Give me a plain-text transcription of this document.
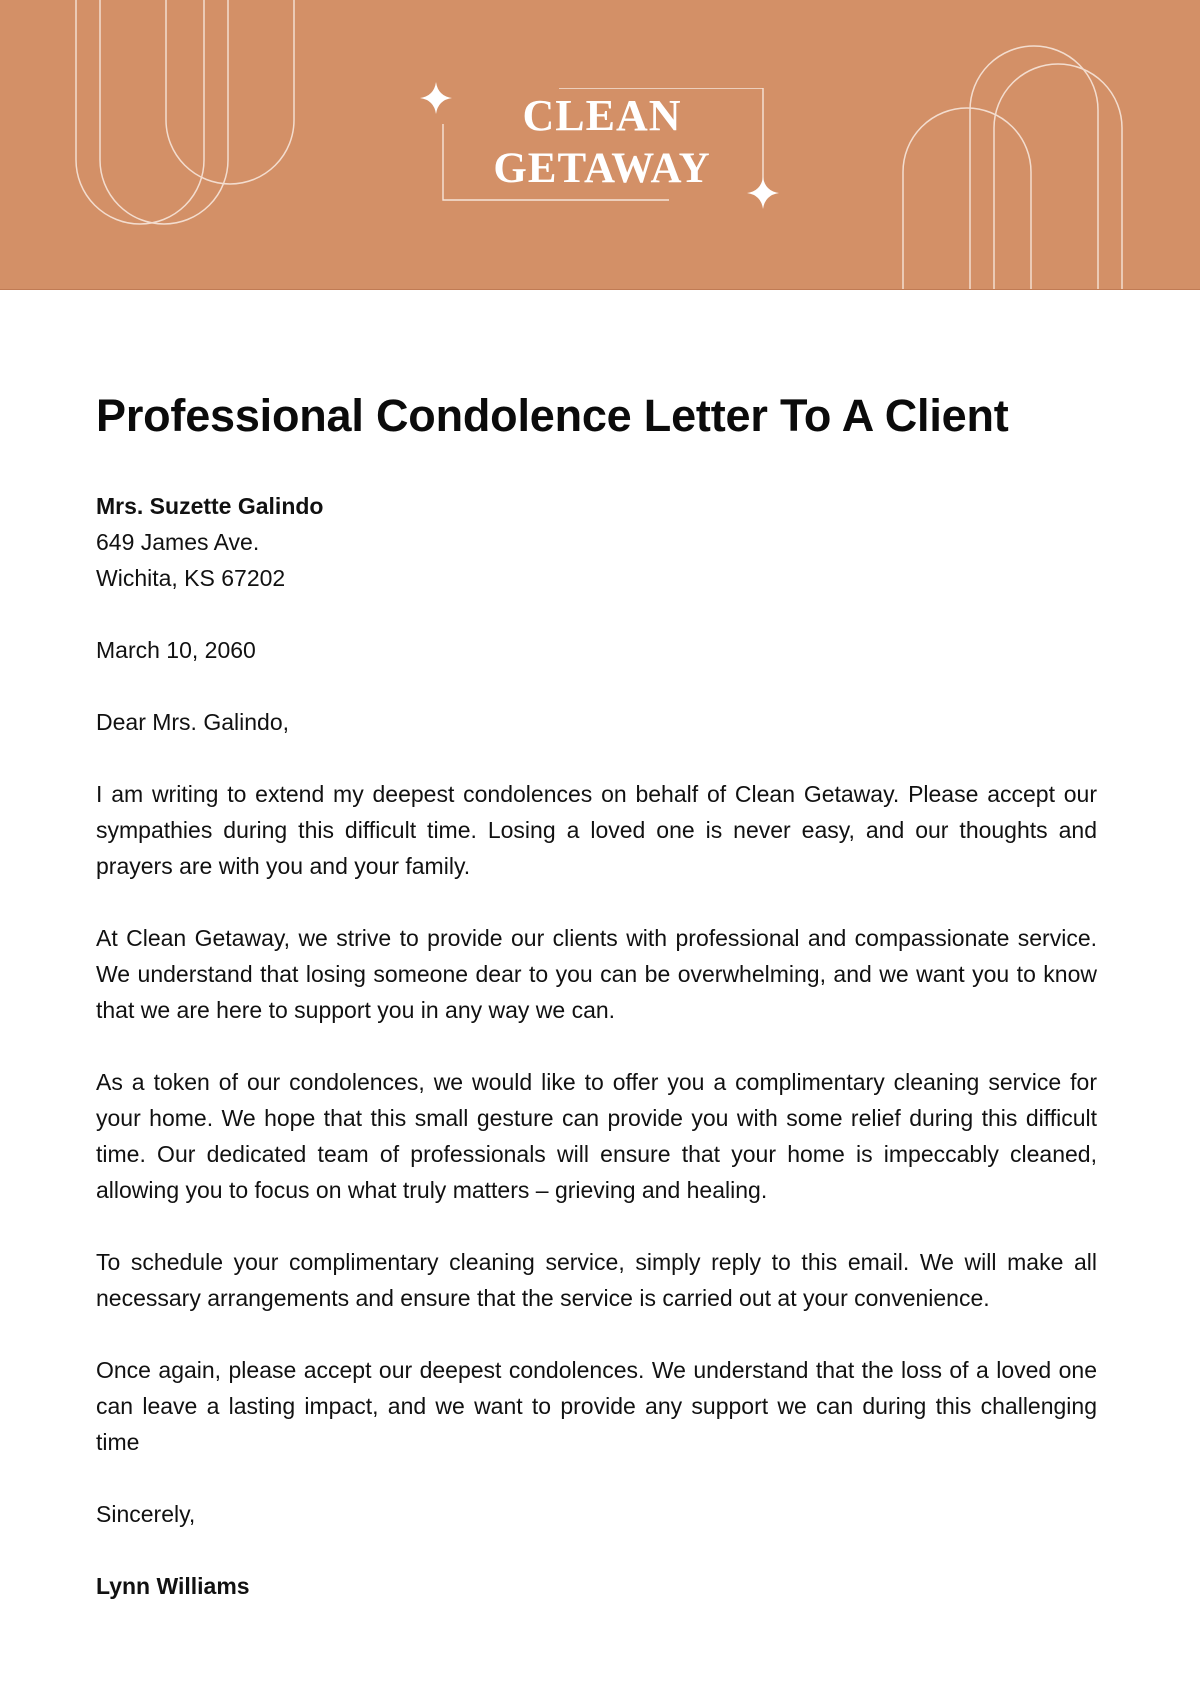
CLEAN
GETAWAY
Professional Condolence Letter To A Client
Mrs. Suzette Galindo
649 James Ave.
Wichita, KS 67202
March 10, 2060
Dear Mrs. Galindo,

I am writing to extend my deepest condolences on behalf of Clean Getaway. Please accept our sympathies during this difficult time. Losing a loved one is never easy, and our thoughts and prayers are with you and your family.

At Clean Getaway, we strive to provide our clients with professional and compassionate service. We understand that losing someone dear to you can be overwhelming, and we want you to know that we are here to support you in any way we can.

As a token of our condolences, we would like to offer you a complimentary cleaning service for your home. We hope that this small gesture can provide you with some relief during this difficult time. Our dedicated team of professionals will ensure that your home is impeccably cleaned, allowing you to focus on what truly matters – grieving and healing.

To schedule your complimentary cleaning service, simply reply to this email. We will make all necessary arrangements and ensure that the service is carried out at your convenience.

Once again, please accept our deepest condolences. We understand that the loss of a loved one can leave a lasting impact, and we want to provide any support we can during this challenging time

Sincerely,
Lynn Williams
